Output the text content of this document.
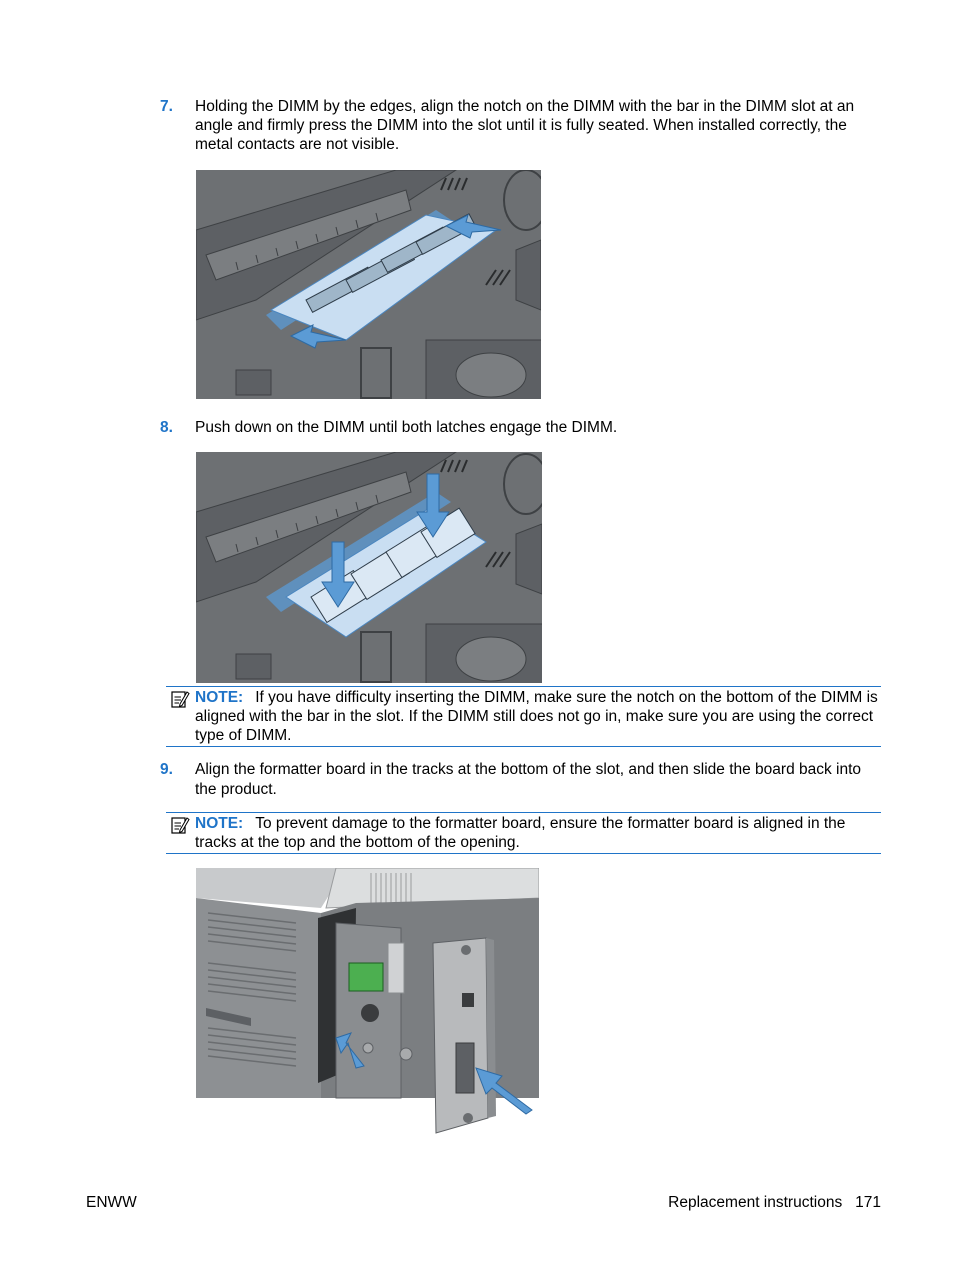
7. Holding the DIMM by the edges, align the notch on the DIMM with the bar in the DIMM slot at an angle and firmly press the DIMM into the slot until it is fully seated. When installed correctly, the metal contacts are not visible.
8. Push down on the DIMM until both latches engage the DIMM.
NOTE: If you have difficulty inserting the DIMM, make sure the notch on the bottom of the DIMM is aligned with the bar in the slot. If the DIMM still does not go in, make sure you are using the correct type of DIMM.
9. Align the formatter board in the tracks at the bottom of the slot, and then slide the board back into the product.
NOTE: To prevent damage to the formatter board, ensure the formatter board is aligned in the tracks at the top and the bottom of the opening.
ENWW	Replacement instructions 171
